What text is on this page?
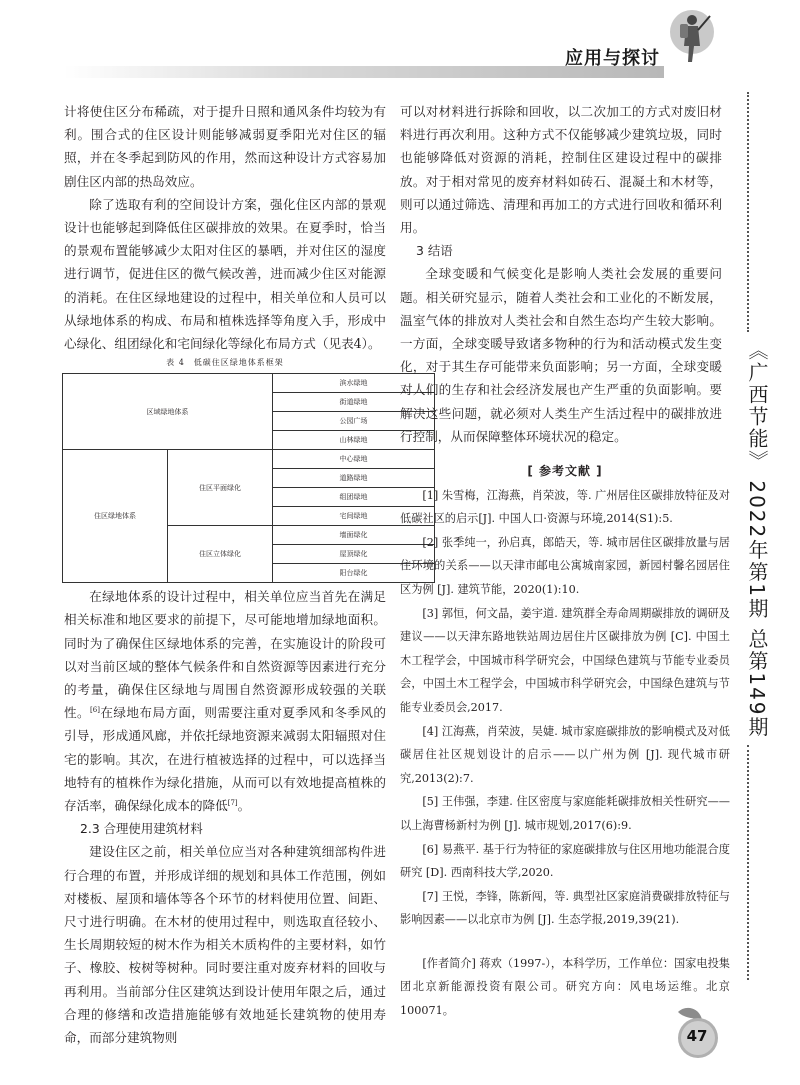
应用与探讨

计将使住区分布稀疏，对于提升日照和通风条件均较为有利。围合式的住区设计则能够减弱夏季阳光对住区的辐照，并在冬季起到防风的作用，然而这种设计方式容易加剧住区内部的热岛效应。

除了选取有利的空间设计方案，强化住区内部的景观设计也能够起到降低住区碳排放的效果。在夏季时，恰当的景观布置能够减少太阳对住区的暴晒，并对住区的湿度进行调节，促进住区的微气候改善，进而减少住区对能源的消耗。在住区绿地建设的过程中，相关单位和人员可以从绿地体系的构成、布局和植株选择等角度入手，形成中心绿化、组团绿化和宅间绿化等绿化布局方式（见表4）。

表 4　低碳住区绿地体系框架
区域绿地体系		滨水绿地
		街道绿地
		公园广场
		山林绿地
住区绿地体系	住区平面绿化	中心绿地
		道路绿地
		组团绿地
		宅间绿地
	住区立体绿化	墙面绿化
		屋顶绿化
		阳台绿化

在绿地体系的设计过程中，相关单位应当首先在满足相关标准和地区要求的前提下，尽可能地增加绿地面积。同时为了确保住区绿地体系的完善，在实施设计的阶段可以对当前区域的整体气候条件和自然资源等因素进行充分的考量，确保住区绿地与周围自然资源形成较强的关联性。[6]在绿地布局方面，则需要注重对夏季风和冬季风的引导，形成通风廊，并依托绿地资源来减弱太阳辐照对住宅的影响。其次，在进行植被选择的过程中，可以选择当地特有的植株作为绿化措施，从而可以有效地提高植株的存活率，确保绿化成本的降低[7]。

2.3 合理使用建筑材料

建设住区之前，相关单位应当对各种建筑细部构件进行合理的布置，并形成详细的规划和具体工作范围，例如对楼板、屋顶和墙体等各个环节的材料使用位置、间距、尺寸进行明确。在木材的使用过程中，则选取直径较小、生长周期较短的树木作为相关木质构件的主要材料，如竹子、橡胶、桉树等树种。同时要注重对废弃材料的回收与再利用。当前部分住区建筑达到设计使用年限之后，通过合理的修缮和改造措施能够有效地延长建筑物的使用寿命，而部分建筑物则

可以对材料进行拆除和回收，以二次加工的方式对废旧材料进行再次利用。这种方式不仅能够减少建筑垃圾，同时也能够降低对资源的消耗，控制住区建设过程中的碳排放。对于相对常见的废弃材料如砖石、混凝土和木材等，则可以通过筛选、清理和再加工的方式进行回收和循环利用。

3 结语

全球变暖和气候变化是影响人类社会发展的重要问题。相关研究显示，随着人类社会和工业化的不断发展，温室气体的排放对人类社会和自然生态均产生较大影响。一方面，全球变暖导致诸多物种的行为和活动模式发生变化，对于其生存可能带来负面影响；另一方面，全球变暖对人们的生存和社会经济发展也产生严重的负面影响。要解决这些问题，就必须对人类生产生活过程中的碳排放进行控制，从而保障整体环境状况的稳定。

[ 参考文献 ]

[1] 朱雪梅，江海燕，肖荣波，等. 广州居住区碳排放特征及对低碳社区的启示[J]. 中国人口·资源与环境,2014(S1):5.

[2] 张季纯一，孙启真，郎皓天，等. 城市居住区碳排放量与居住环境的关系——以天津市邮电公寓城南家园，新园村馨名园居住区为例 [J]. 建筑节能，2020(1):10.

[3] 郭恒，何文晶，姜宇道. 建筑群全寿命周期碳排放的调研及建议——以天津东路地铁站周边居住片区碳排放为例 [C]. 中国土木工程学会，中国城市科学研究会，中国绿色建筑与节能专业委员会，中国土木工程学会，中国城市科学研究会，中国绿色建筑与节能专业委员会,2017.

[4] 江海燕，肖荣波，吴婕. 城市家庭碳排放的影响模式及对低碳居住社区规划设计的启示——以广州为例 [J]. 现代城市研究,2013(2):7.

[5] 王伟强，李建. 住区密度与家庭能耗碳排放相关性研究——以上海曹杨新村为例 [J]. 城市规划,2017(6):9.

[6] 易燕平. 基于行为特征的家庭碳排放与住区用地功能混合度研究 [D]. 西南科技大学,2020.

[7] 王悦，李锋，陈新闯，等. 典型社区家庭消费碳排放特征与影响因素——以北京市为例 [J]. 生态学报,2019,39(21).

[作者简介] 蒋欢（1997-），本科学历，工作单位：国家电投集团北京新能源投资有限公司。研究方向：风电场运维。北京 100071。

《广西节能》 2022年第1期 总第149期
47
